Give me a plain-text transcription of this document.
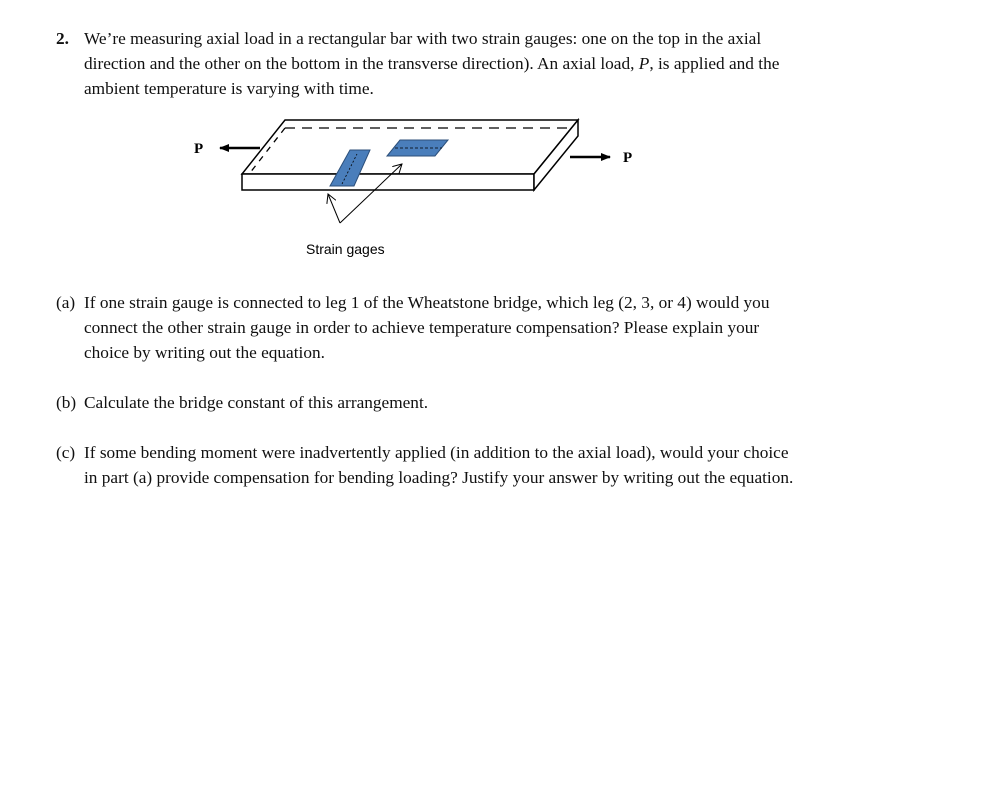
2. We’re measuring axial load in a rectangular bar with two strain gauges: one on the top in the axial direction and the other on the bottom in the transverse direction). An axial load, P, is applied and the ambient temperature is varying with time.
P
P
Strain gages
(a) If one strain gauge is connected to leg 1 of the Wheatstone bridge, which leg (2, 3, or 4) would you connect the other strain gauge in order to achieve temperature compensation? Please explain your choice by writing out the equation.
(b) Calculate the bridge constant of this arrangement.
(c) If some bending moment were inadvertently applied (in addition to the axial load), would your choice in part (a) provide compensation for bending loading? Justify your answer by writing out the equation.
